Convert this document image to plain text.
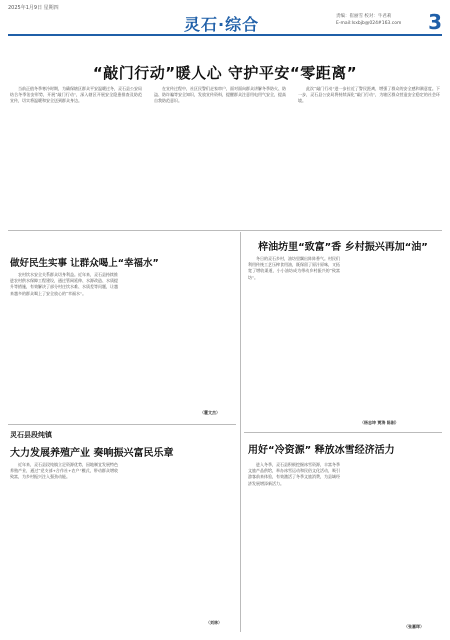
2025年1月9日 星期四
灵石·综合	责编：崔丽雪 校对：牛君莉
E-mail:lsxbjb@024#163.com	3
“敲门行动”暖人心 守护平安“零距离”

当前正值冬季寒冷时期，为确保辖区群众平安温暖过冬，灵石县公安局结合冬季治安形势，开展“敲门行动”，深入辖区开展安全隐患排查及防范宣传，切实将温暖和安全送到群众身边。

在宣传过程中，社区民警们走家串户，面对面向群众讲解冬季防火、防盗、防诈骗等安全知识，发放宣传资料，提醒群众注意用电用气安全，提高自我防范意识。

此次“敲门行动”进一步拉近了警民距离，增强了群众的安全感和满意度。下一步，灵石县公安局将持续深化“敲门行动”，为辖区群众营造安全稳定的社会环境。

做好民生实事 让群众喝上“幸福水”

农村饮水安全关系群众切身利益。近年来，灵石县持续推进农村供水保障工程建设，通过管网延伸、水源改造、水质提升等措施，有效解决了部分村庄饮水难、水质差等问题，让越来越多的群众喝上了安全放心的“幸福水”。

（霍文杰）
灵石县段纯镇
大力发展养殖产业 奏响振兴富民乐章

近年来，灵石县段纯镇立足资源优势，因地制宜发展特色养殖产业，通过“党支部+合作社+农户”模式，带动群众增收致富，为乡村振兴注入强劲动能。

（刘林）
梓油坊里“致富”香 乡村振兴再加“油”

冬日的灵石乡村，油坊里飘出阵阵香气。村民们利用传统工艺压榨食用油，既保留了原汁原味，又拓宽了增收渠道，小小油坊成为带动乡村振兴的“致富坊”。

（杨志坤 贾涛 陈刚）
用好“冷资源” 释放冰雪经济活力

进入冬季，灵石县积极挖掘冰雪资源，丰富冬季文旅产品供给，举办冰雪运动和民俗文化活动，吸引游客前来体验，有效激活了冬季文旅消费，为县域经济发展增添新活力。

（张嘉珲）
